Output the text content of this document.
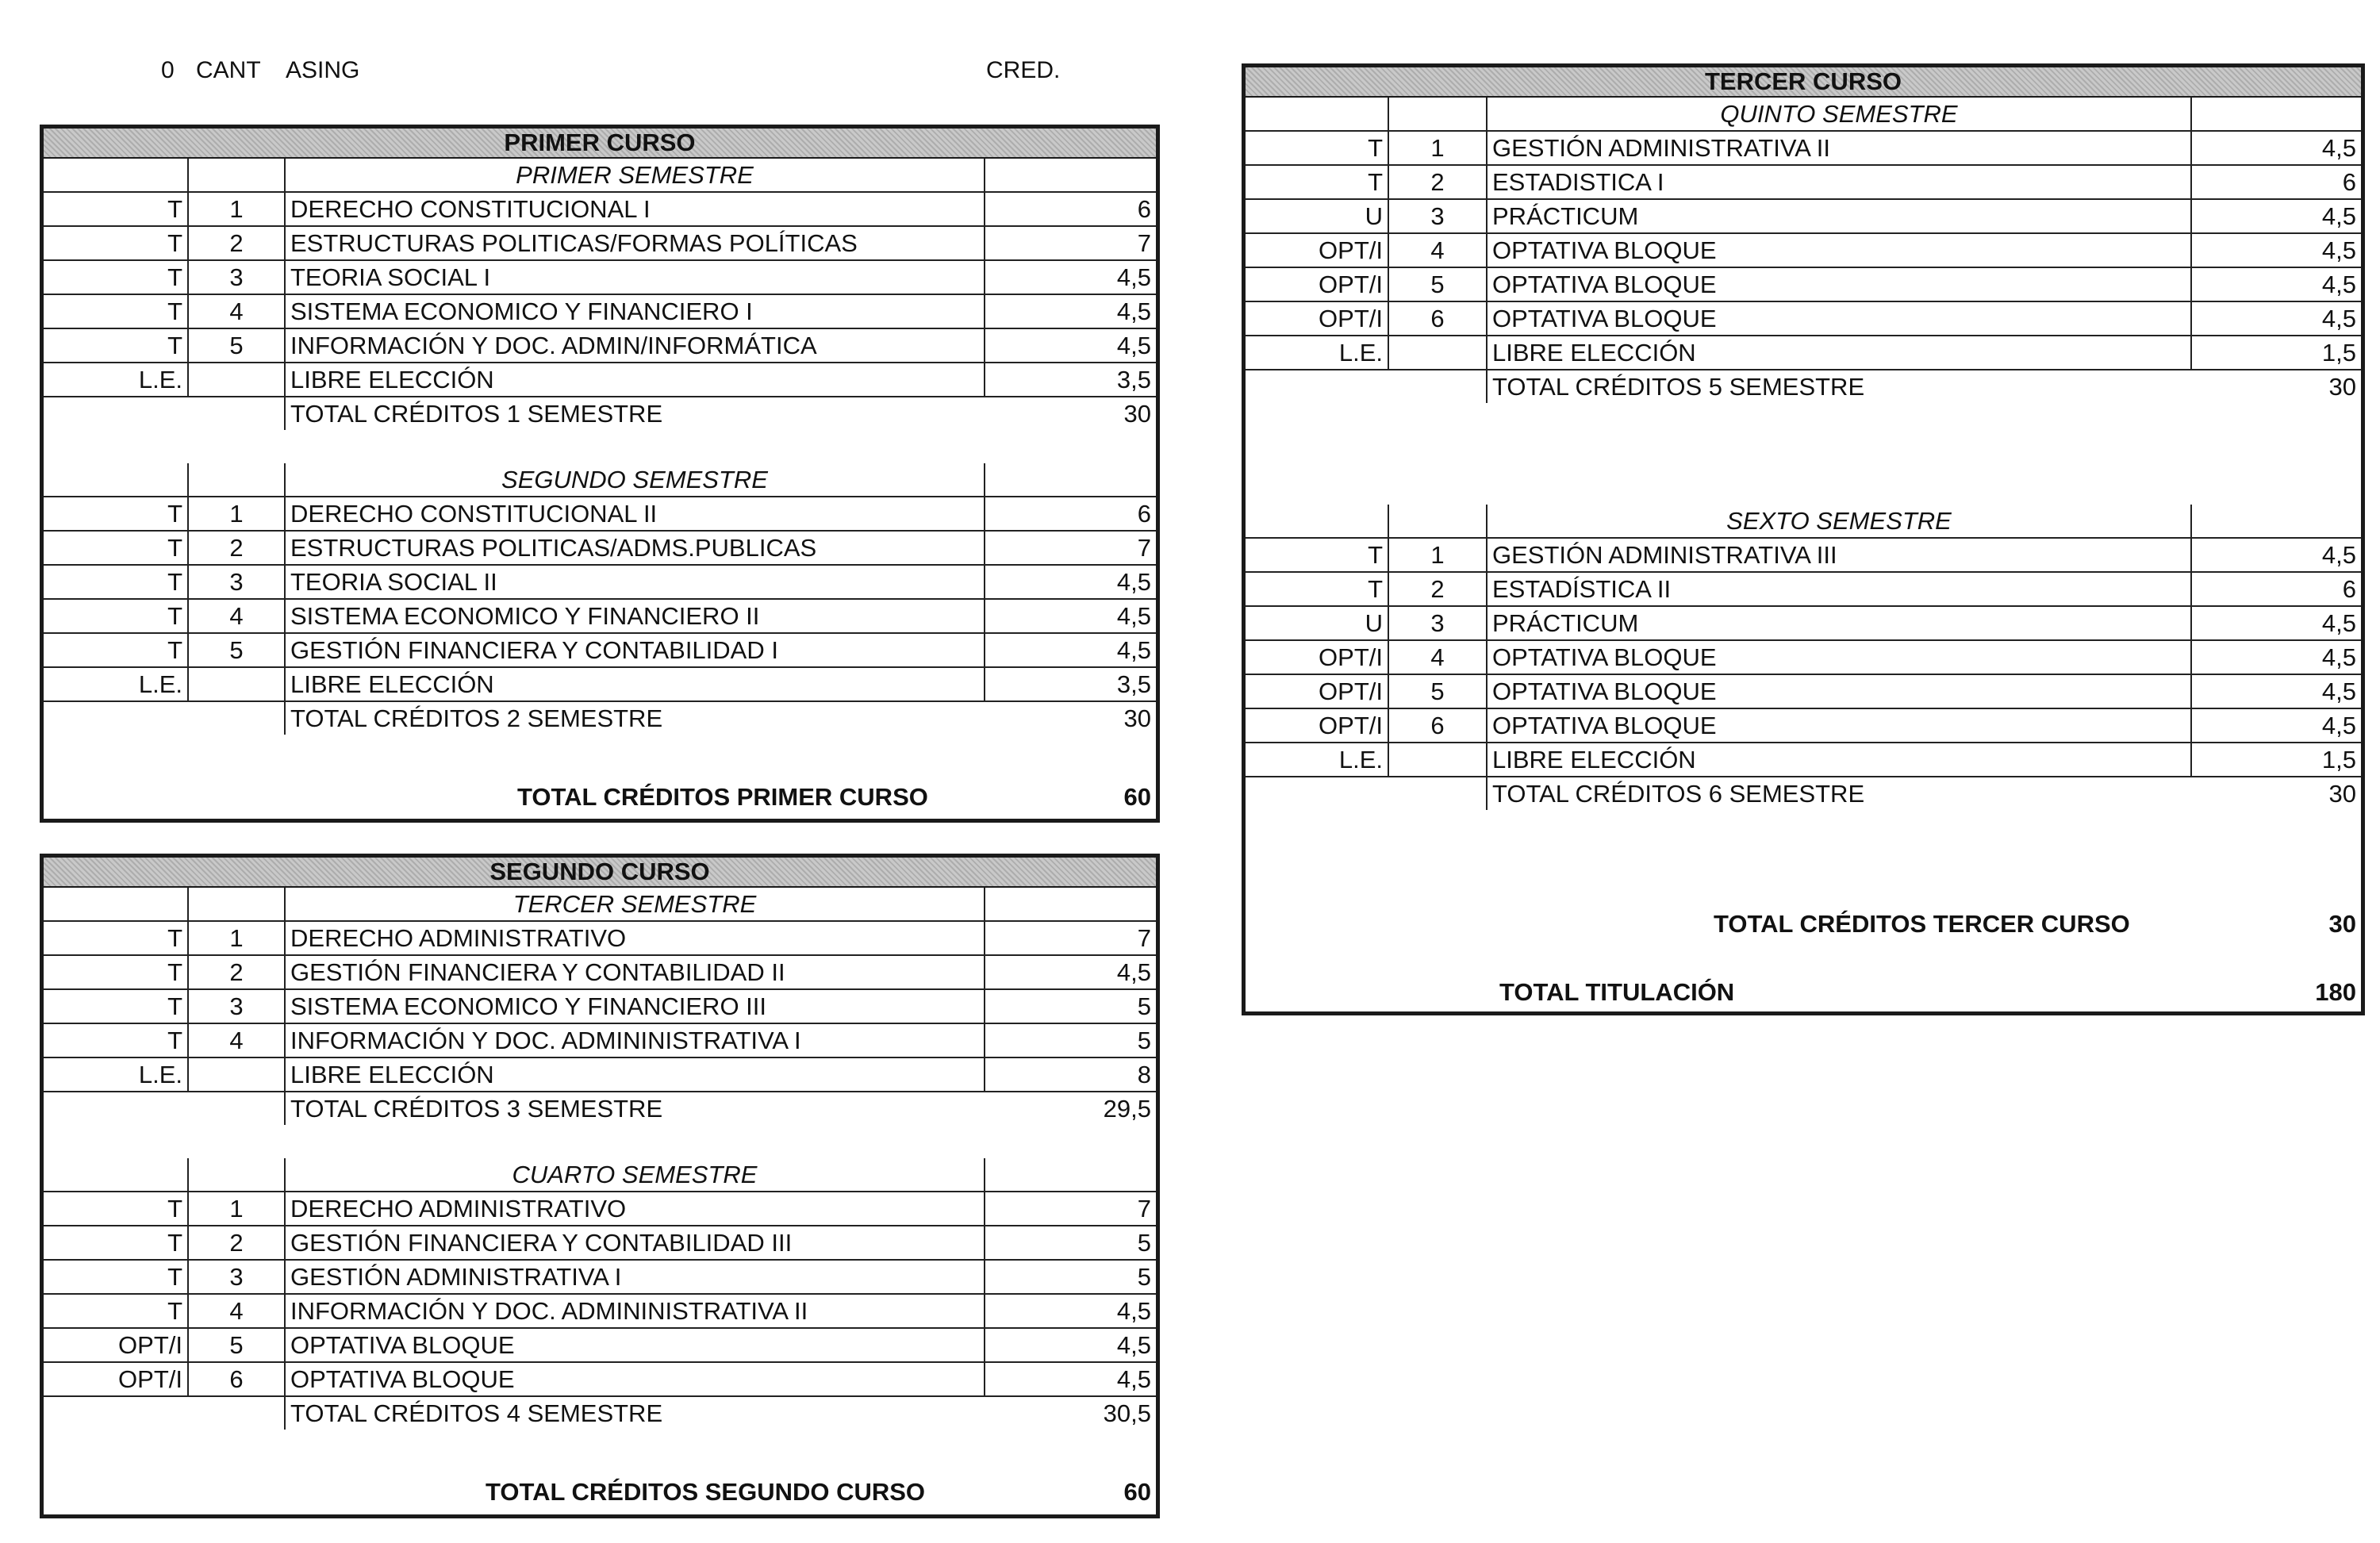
0 CANT ASING	CRED.
PRIMER CURSO
		PRIMER SEMESTRE	
T	1	DERECHO CONSTITUCIONAL I	6
T	2	ESTRUCTURAS POLITICAS/FORMAS POLÍTICAS	7
T	3	TEORIA SOCIAL I	4,5
T	4	SISTEMA ECONOMICO Y FINANCIERO I	4,5
T	5	INFORMACIÓN Y DOC. ADMIN/INFORMÁTICA	4,5
L.E.		LIBRE ELECCIÓN	3,5
		TOTAL CRÉDITOS 1 SEMESTRE	30
		SEGUNDO SEMESTRE	
T	1	DERECHO CONSTITUCIONAL II	6
T	2	ESTRUCTURAS POLITICAS/ADMS.PUBLICAS	7
T	3	TEORIA SOCIAL II	4,5
T	4	SISTEMA ECONOMICO Y FINANCIERO II	4,5
T	5	GESTIÓN FINANCIERA Y CONTABILIDAD I	4,5
L.E.		LIBRE ELECCIÓN	3,5
		TOTAL CRÉDITOS 2 SEMESTRE	30
TOTAL CRÉDITOS PRIMER CURSO	60
SEGUNDO CURSO
		TERCER SEMESTRE	
T	1	DERECHO ADMINISTRATIVO	7
T	2	GESTIÓN FINANCIERA Y CONTABILIDAD II	4,5
T	3	SISTEMA ECONOMICO Y FINANCIERO III	5
T	4	INFORMACIÓN Y DOC. ADMININISTRATIVA I	5
L.E.		LIBRE ELECCIÓN	8
		TOTAL CRÉDITOS 3 SEMESTRE	29,5
		CUARTO SEMESTRE	
T	1	DERECHO ADMINISTRATIVO	7
T	2	GESTIÓN FINANCIERA Y CONTABILIDAD III	5
T	3	GESTIÓN ADMINISTRATIVA I	5
T	4	INFORMACIÓN Y DOC. ADMININISTRATIVA II	4,5
OPT/I	5	OPTATIVA BLOQUE	4,5
OPT/I	6	OPTATIVA BLOQUE	4,5
		TOTAL CRÉDITOS 4 SEMESTRE	30,5
TOTAL CRÉDITOS SEGUNDO CURSO	60
TERCER CURSO
		QUINTO SEMESTRE	
T	1	GESTIÓN ADMINISTRATIVA II	4,5
T	2	ESTADISTICA I	6
U	3	PRÁCTICUM	4,5
OPT/I	4	OPTATIVA BLOQUE	4,5
OPT/I	5	OPTATIVA BLOQUE	4,5
OPT/I	6	OPTATIVA BLOQUE	4,5
L.E.		LIBRE ELECCIÓN	1,5
		TOTAL CRÉDITOS 5 SEMESTRE	30
		SEXTO SEMESTRE	
T	1	GESTIÓN ADMINISTRATIVA III	4,5
T	2	ESTADÍSTICA II	6
U	3	PRÁCTICUM	4,5
OPT/I	4	OPTATIVA BLOQUE	4,5
OPT/I	5	OPTATIVA BLOQUE	4,5
OPT/I	6	OPTATIVA BLOQUE	4,5
L.E.		LIBRE ELECCIÓN	1,5
		TOTAL CRÉDITOS 6 SEMESTRE	30
TOTAL CRÉDITOS TERCER CURSO	30
TOTAL TITULACIÓN	180
